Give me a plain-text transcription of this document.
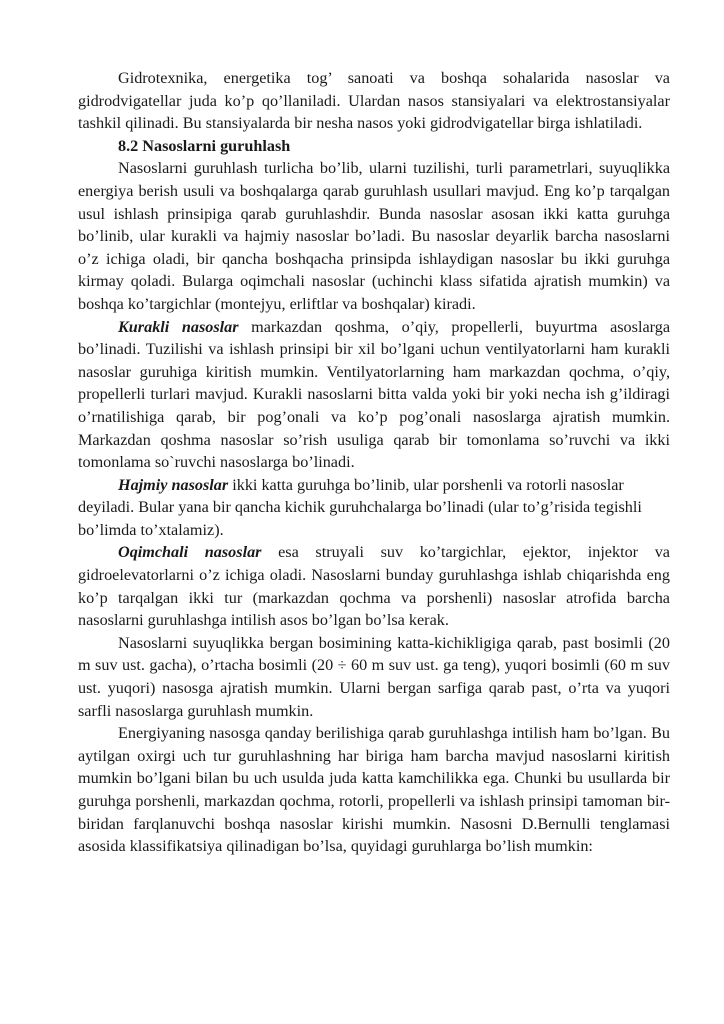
Gidrotexnika, energetika tog’ sanoati va boshqa sohalarida nasoslar va gidrodvigatellar juda ko’p qo’llaniladi. Ulardan nasos stansiyalari va elektrostansiyalar tashkil qilinadi. Bu stansiyalarda bir nesha nasos yoki gidrodvigatellar birga ishlatiladi.

8.2 Nasoslarni guruhlash

Nasoslarni guruhlash turlicha bo’lib, ularni tuzilishi, turli parametrlari, suyuqlikka energiya berish usuli va boshqalarga qarab guruhlash usullari mavjud. Eng ko’p tarqalgan usul ishlash prinsipiga qarab guruhlashdir. Bunda nasoslar asosan ikki katta guruhga bo’linib, ular kurakli va hajmiy nasoslar bo’ladi. Bu nasoslar deyarlik barcha nasoslarni o’z ichiga oladi, bir qancha boshqacha prinsipda ishlaydigan nasoslar bu ikki guruhga kirmay qoladi. Bularga oqimchali nasoslar (uchinchi klass sifatida ajratish mumkin) va boshqa ko’targichlar (montejyu, erliftlar va boshqalar) kiradi.

Kurakli nasoslar markazdan qoshma, o’qiy, propellerli, buyurtma asoslarga bo’linadi. Tuzilishi va ishlash prinsipi bir xil bo’lgani uchun ventilyatorlarni ham kurakli nasoslar guruhiga kiritish mumkin. Ventilyatorlarning ham markazdan qochma, o’qiy, propellerli turlari mavjud. Kurakli nasoslarni bitta valda yoki bir yoki necha ish g’ildiragi o’rnatilishiga qarab, bir pog’onali va ko’p pog’onali nasoslarga ajratish mumkin. Markazdan qoshma nasoslar so’rish usuliga qarab bir tomonlama so’ruvchi va ikki tomonlama so`ruvchi nasoslarga bo’linadi.

Hajmiy nasoslar ikki katta guruhga bo’linib, ular porshenli va rotorli nasoslar

deyiladi. Bular yana bir qancha kichik guruhchalarga bo’linadi (ular to’g’risida tegishli bo’limda to’xtalamiz).

Oqimchali nasoslar esa struyali suv ko’targichlar, ejektor, injektor va gidroelevatorlarni o’z ichiga oladi. Nasoslarni bunday guruhlashga ishlab chiqarishda eng ko’p tarqalgan ikki tur (markazdan qochma va porshenli) nasoslar atrofida barcha nasoslarni guruhlashga intilish asos bo’lgan bo’lsa kerak.

Nasoslarni suyuqlikka bergan bosimining katta-kichikligiga qarab, past bosimli (20 m suv ust. gacha), o’rtacha bosimli (20 ÷ 60 m suv ust. ga teng), yuqori bosimli (60 m suv ust. yuqori) nasosga ajratish mumkin. Ularni bergan sarfiga qarab past, o’rta va yuqori sarfli nasoslarga guruhlash mumkin.

Energiyaning nasosga qanday berilishiga qarab guruhlashga intilish ham bo’lgan. Bu aytilgan oxirgi uch tur guruhlashning har biriga ham barcha mavjud nasoslarni kiritish mumkin bo’lgani bilan bu uch usulda juda katta kamchilikka ega. Chunki bu usullarda bir guruhga porshenli, markazdan qochma, rotorli, propellerli va ishlash prinsipi tamoman bir-biridan farqlanuvchi boshqa nasoslar kirishi mumkin. Nasosni D.Bernulli tenglamasi asosida klassifikatsiya qilinadigan bo’lsa, quyidagi guruhlarga bo’lish mumkin:
